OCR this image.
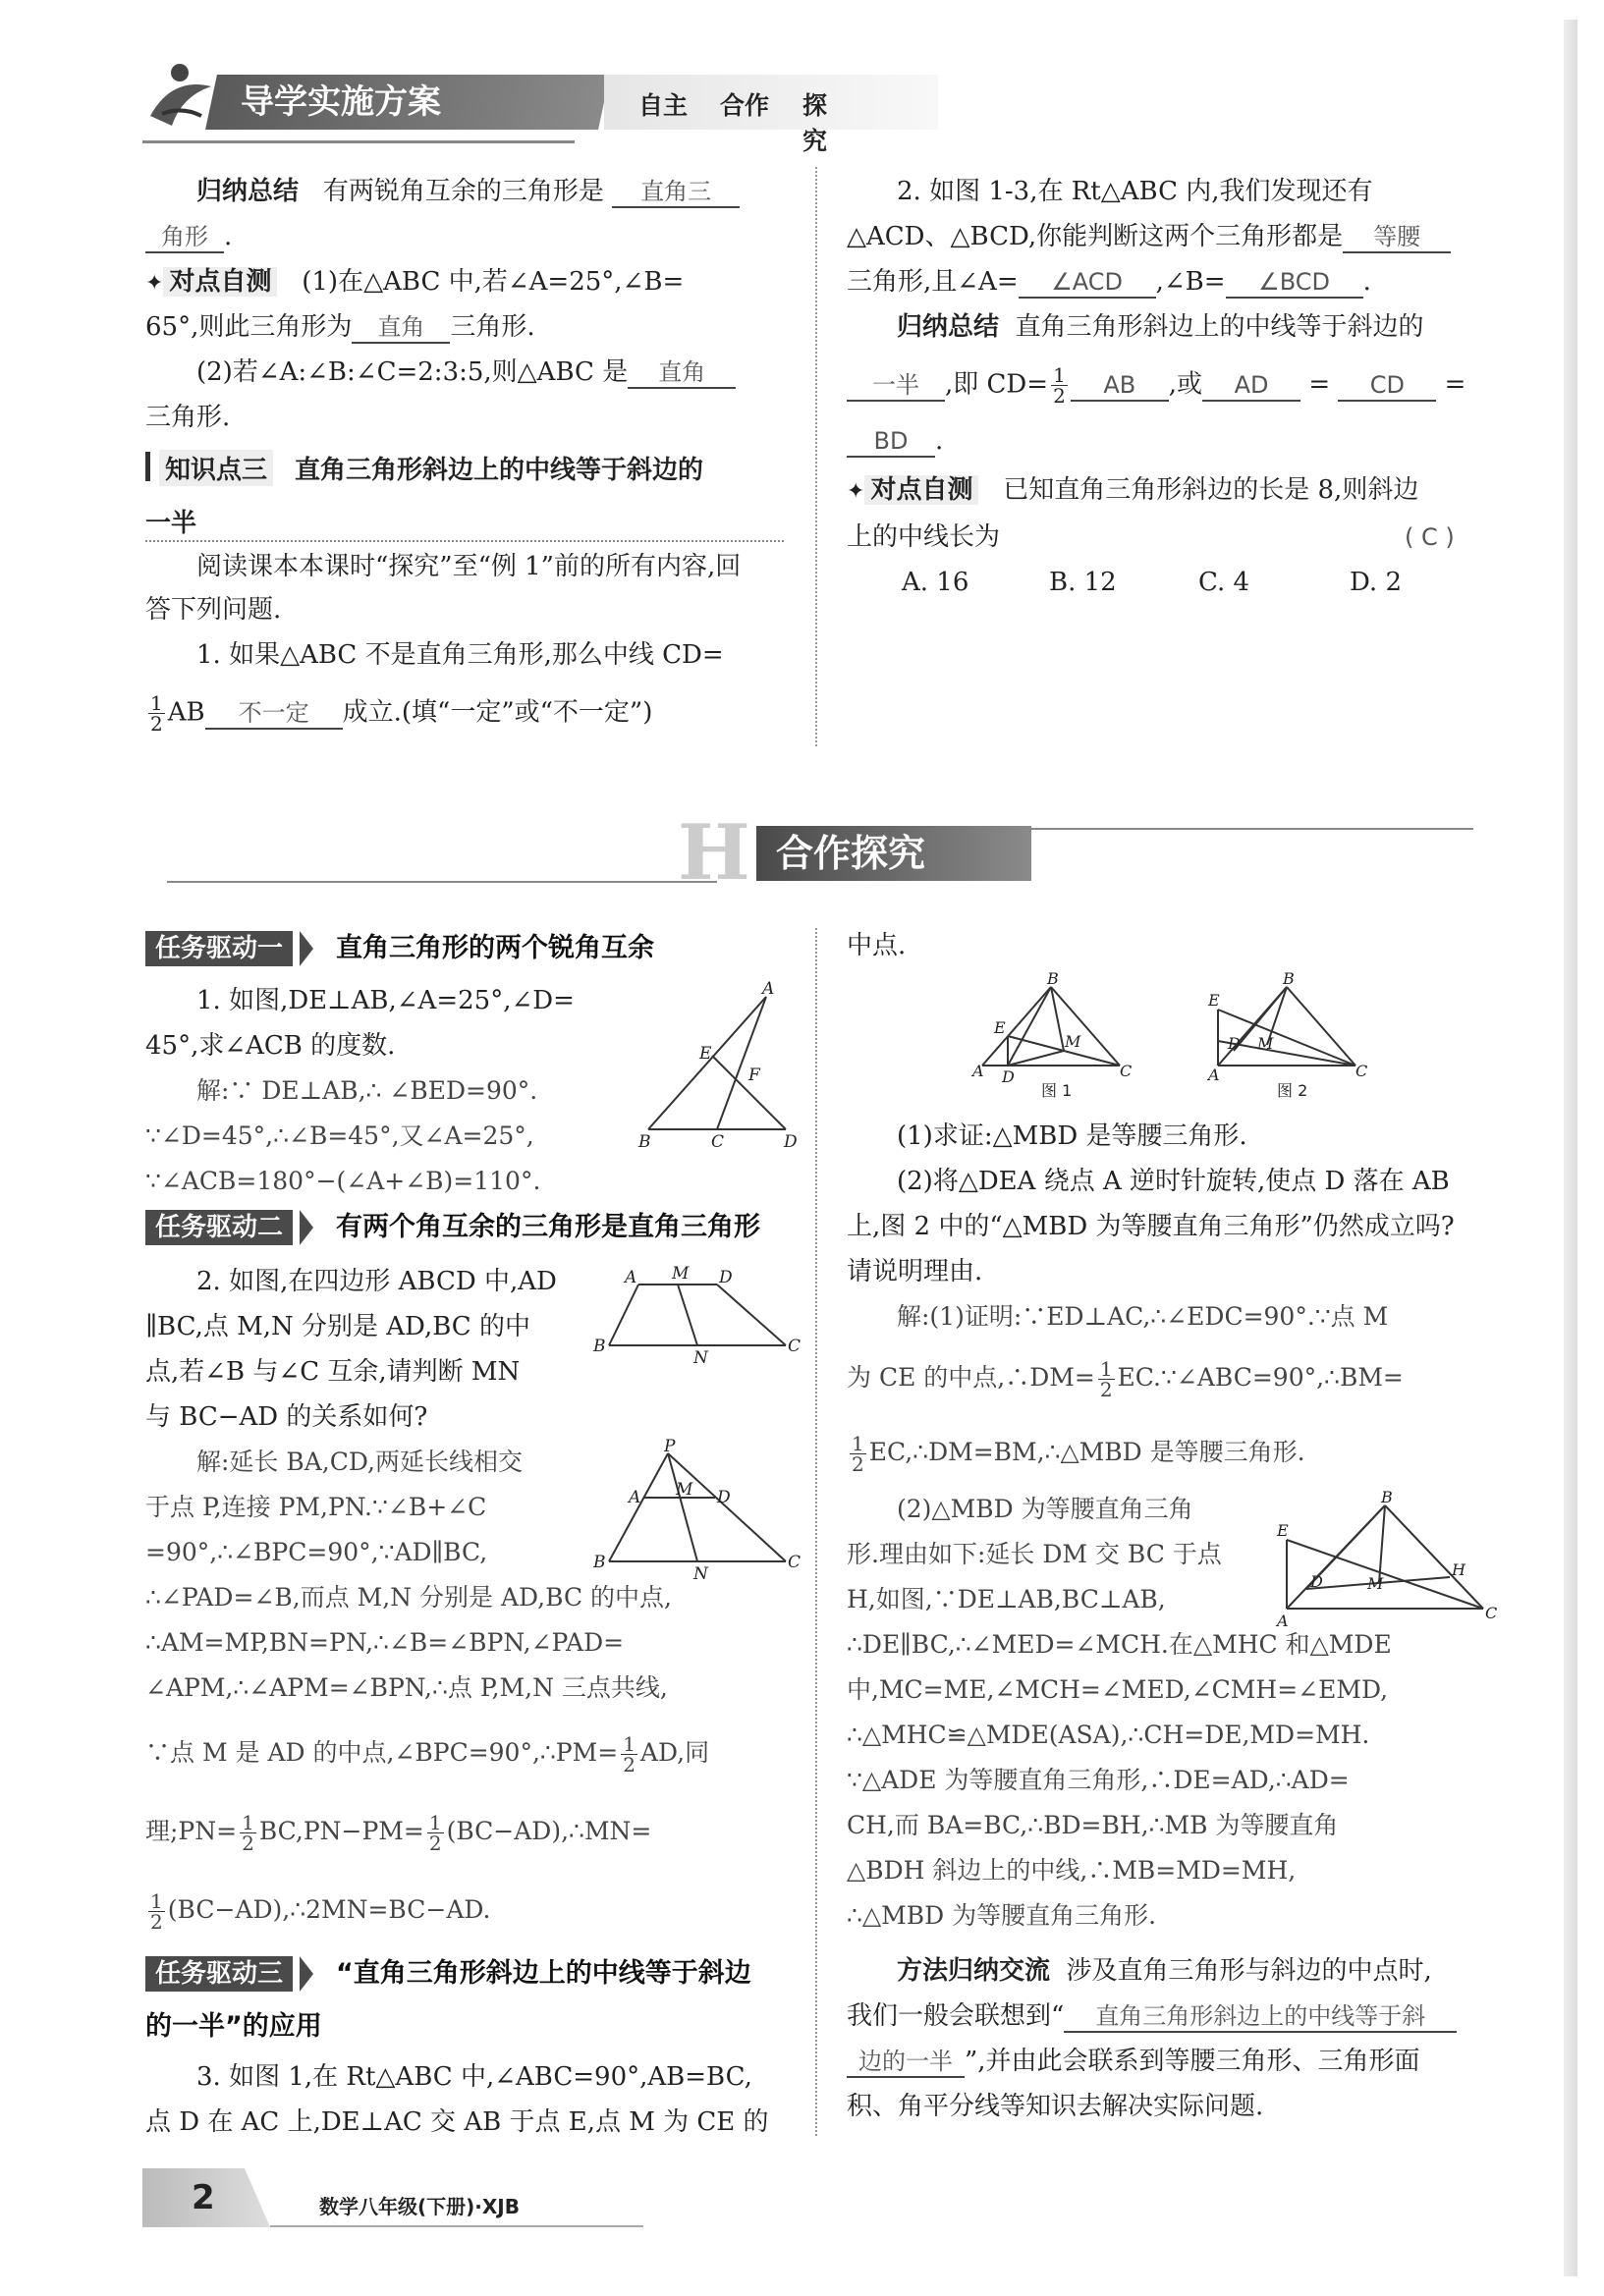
导学实施方案	自主 合作 探究
归纳总结 有两锐角互余的三角形是 直角三
角形 .
✦ 对点自测 (1)在△ABC 中,若∠A=25°,∠B=
65°,则此三角形为 直角 三角形.
(2)若∠A:∠B:∠C=2:3:5,则△ABC 是 直角
三角形.
知识点三 直角三角形斜边上的中线等于斜边的
一半
阅读课本本课时“探究”至“例 1”前的所有内容,回
答下列问题.
1. 如果△ABC 不是直角三角形,那么中线 CD=
$\frac{1}{2}$ AB 不一定 成立.(填“一定”或“不一定”)
2. 如图 1-3,在 Rt△ABC 内,我们发现还有
△ACD、△BCD,你能判断这两个三角形都是 等腰
三角形,且∠A= ∠ACD ,∠B= ∠BCD .
归纳总结 直角三角形斜边上的中线等于斜边的
一半 ,即 $CD= \frac{1}{2}$ AB ,或 AD = CD =
BD .
✦ 对点自测 已知直角三角形斜边的长是 8,则斜边
上的中线长为	( C )
A. 16	B. 12	C. 4	D. 2
H 合作探究
任务驱动一	直角三角形的两个锐角互余
1. 如图,DE⊥AB,∠A=25°,∠D=
45°,求∠ACB 的度数.
解:∵ DE⊥AB,∴ ∠BED=90°.
∵∠D=45°,∴∠B=45°,又∠A=25°,
∵∠ACB=180°−(∠A+∠B)=110°.
A
E
F
B	C	D
任务驱动二	有两个角互余的三角形是直角三角形
2. 如图,在四边形 ABCD 中,AD
∥BC,点 M,N 分别是 AD,BC 的中
点,若∠B 与∠C 互余,请判断 MN
与 BC−AD 的关系如何?
解:延长 BA,CD,两延长线相交
于点 P,连接 PM,PN.∵∠B+∠C
=90°,∴∠BPC=90°,∵AD∥BC,
∴∠PAD=∠B,而点 M,N 分别是 AD,BC 的中点,
∴AM=MP,BN=PN,∴∠B=∠BPN,∠PAD=
∠APM,∴∠APM=∠BPN,∴点 P,M,N 三点共线,
∵点 M 是 AD 的中点,∠BPC=90°,∴PM= $\frac{1}{2}$ AD,同
理;PN= $\frac{1}{2} BC,PN-PM= \frac{1}{2}$ (BC−AD),∴MN=
$\frac{1}{2}$ (BC−AD),∴2MN=BC−AD.
A M D
B
N
C
P
A M D
B
N
C
任务驱动三	“直角三角形斜边上的中线等于斜边
的一半”的应用
3. 如图 1,在 Rt△ABC 中,∠ABC=90°,AB=BC,
点 D 在 AC 上,DE⊥AC 交 AB 于点 E,点 M 为 CE 的
中点.
B
E
M
A D	C
图 1
B
E
D M
A	C
图 2
(1)求证:△MBD 是等腰三角形.
(2)将△DEA 绕点 A 逆时针旋转,使点 D 落在 AB
上,图 2 中的“△MBD 为等腰直角三角形”仍然成立吗?
请说明理由.
解:(1)证明:∵ED⊥AC,∴∠EDC=90°.∵点 M
为 CE 的中点,∴DM= $\frac{1}{2}$ EC.∵∠ABC=90°,∴BM=
$\frac{1}{2}$ EC,∴DM=BM,∴△MBD 是等腰三角形.
(2)△MBD 为等腰直角三角
形.理由如下:延长 DM 交 BC 于点
H,如图,∵DE⊥AB,BC⊥AB,
∴DE∥BC,∴∠MED=∠MCH.在△MHC 和△MDE
中,MC=ME,∠MCH=∠MED,∠CMH=∠EMD,
∴△MHC≌△MDE(ASA),∴CH=DE,MD=MH.
∵△ADE 为等腰直角三角形,∴DE=AD,∴AD=
CH,而 BA=BC,∴BD=BH,∴MB 为等腰直角
△BDH 斜边上的中线,∴MB=MD=MH,
∴△MBD 为等腰直角三角形.
B
E
H
D	M
A	C
方法归纳交流 涉及直角三角形与斜边的中点时,
我们一般会联想到“ 直角三角形斜边上的中线等于斜
边的一半 ”,并由此会联系到等腰三角形、三角形面
积、角平分线等知识去解决实际问题.
2	数学八年级(下册)·XJB
